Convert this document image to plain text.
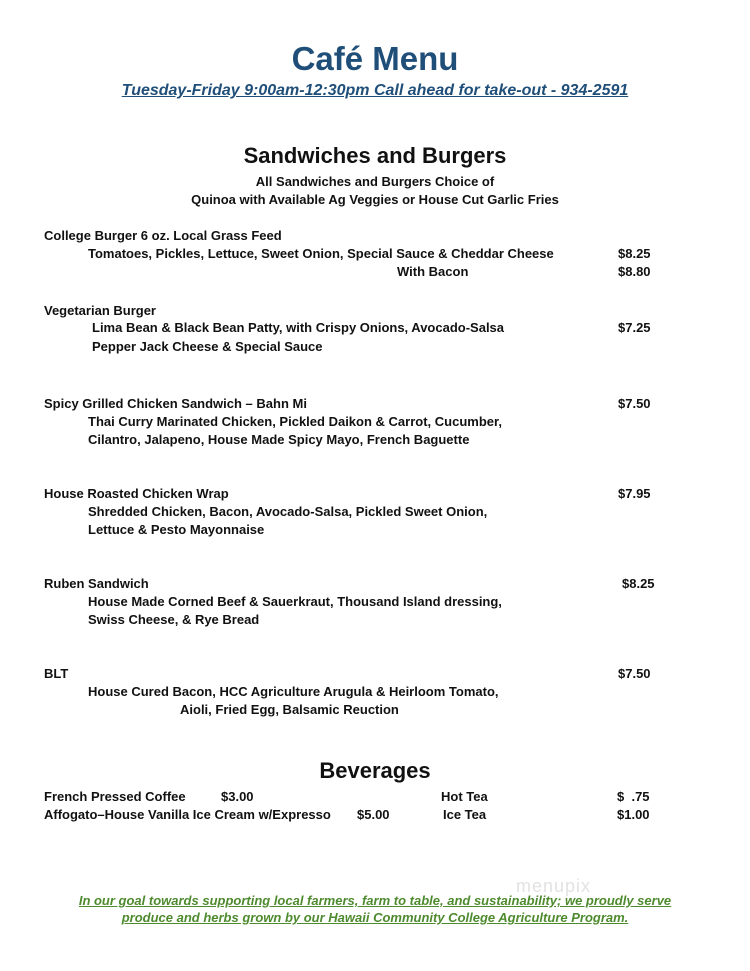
Café Menu
Tuesday-Friday 9:00am-12:30pm Call ahead for take-out - 934-2591
Sandwiches and Burgers
All Sandwiches and Burgers Choice of
Quinoa with Available Ag Veggies or House Cut Garlic Fries
College Burger 6 oz. Local Grass Feed
Tomatoes, Pickles, Lettuce, Sweet Onion, Special Sauce & Cheddar Cheese	$8.25
With Bacon	$8.80
Vegetarian Burger
Lima Bean & Black Bean Patty, with Crispy Onions, Avocado-Salsa	$7.25
Pepper Jack Cheese & Special Sauce
Spicy Grilled Chicken Sandwich – Bahn Mi	$7.50
Thai Curry Marinated Chicken, Pickled Daikon & Carrot, Cucumber,
Cilantro, Jalapeno, House Made Spicy Mayo, French Baguette
House Roasted Chicken Wrap	$7.95
Shredded Chicken, Bacon, Avocado-Salsa, Pickled Sweet Onion,
Lettuce & Pesto Mayonnaise
Ruben Sandwich	$8.25
House Made Corned Beef & Sauerkraut, Thousand Island dressing,
Swiss Cheese, & Rye Bread
BLT	$7.50
House Cured Bacon, HCC Agriculture Arugula & Heirloom Tomato,
Aioli, Fried Egg, Balsamic Reuction
Beverages
French Pressed Coffee	$3.00	Hot Tea	$  .75
Affogato–House Vanilla Ice Cream w/Expresso $5.00	Ice Tea	$1.00
menupix
In our goal towards supporting local farmers, farm to table, and sustainability; we proudly serve
produce and herbs grown by our Hawaii Community College Agriculture Program.
